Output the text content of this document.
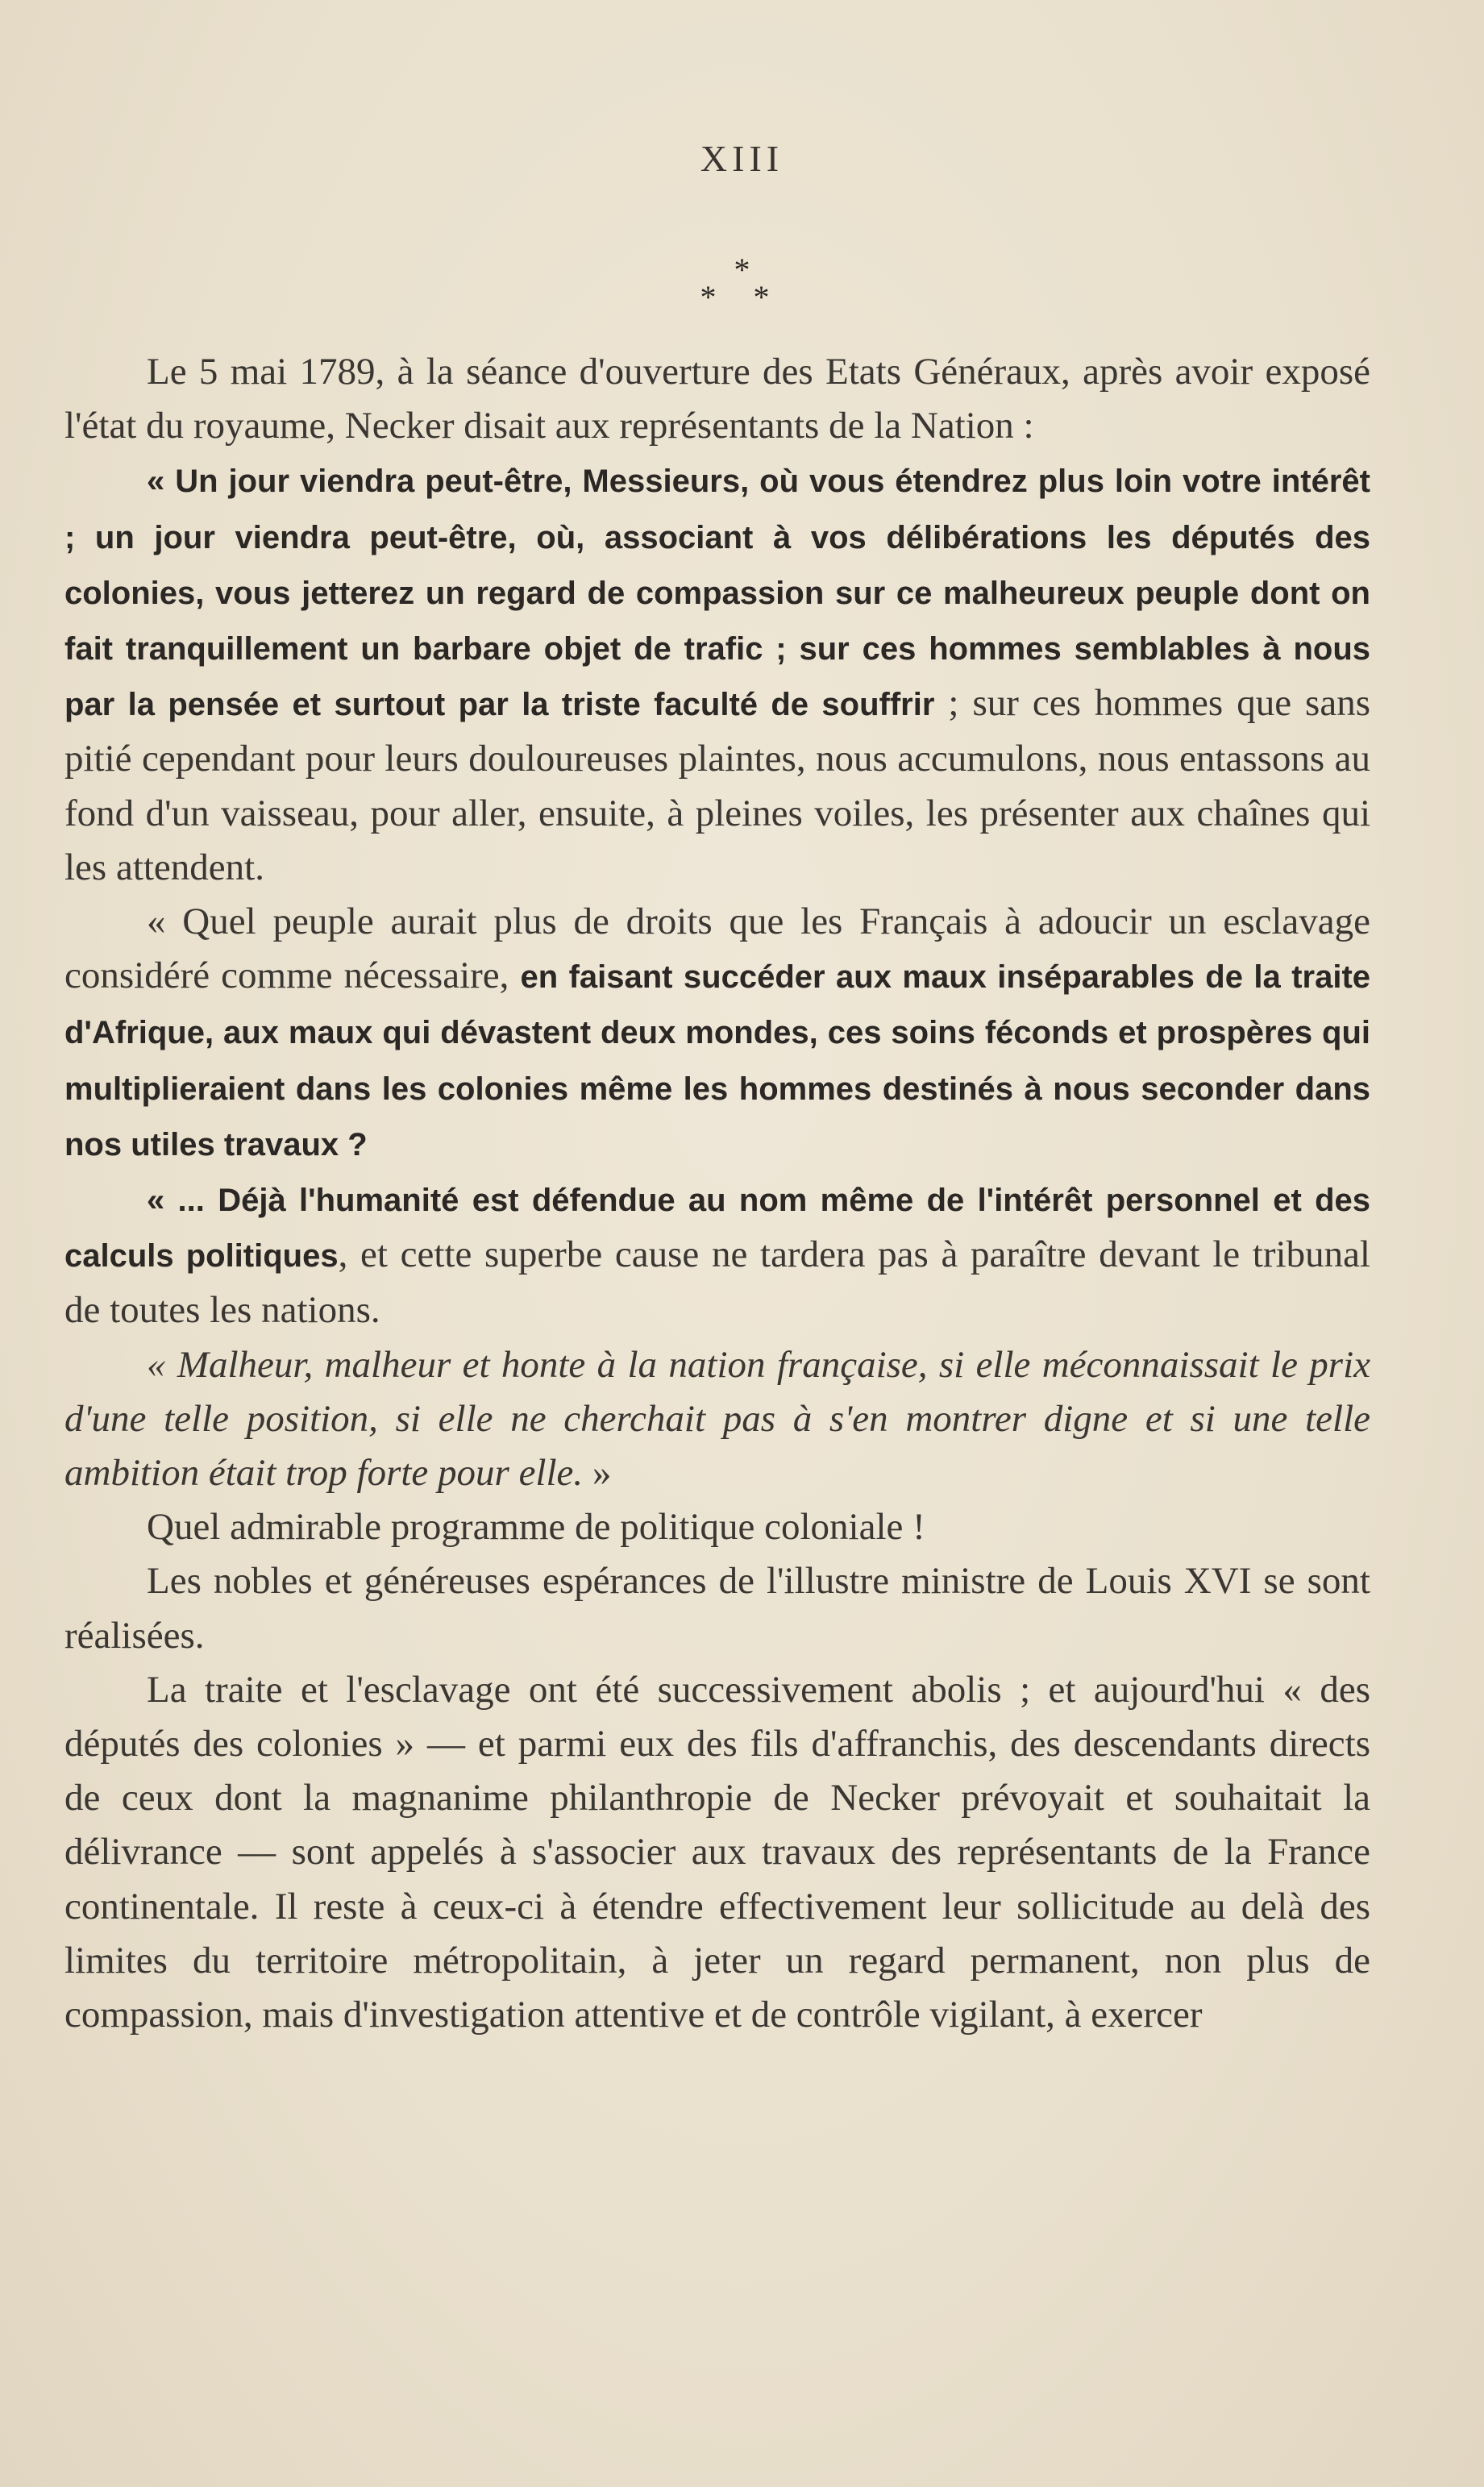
XIII
*
* *

Le 5 mai 1789, à la séance d'ouverture des Etats Généraux, après avoir exposé l'état du royaume, Necker disait aux représentants de la Nation :

« Un jour viendra peut-être, Messieurs, où vous étendrez plus loin votre intérêt ; un jour viendra peut-être, où, associant à vos délibérations les députés des colonies, vous jetterez un regard de compassion sur ce malheureux peuple dont on fait tranquillement un barbare objet de trafic ; sur ces hommes semblables à nous par la pensée et surtout par la triste faculté de souffrir ; sur ces hommes que sans pitié cependant pour leurs douloureuses plaintes, nous accumulons, nous entassons au fond d'un vaisseau, pour aller, ensuite, à pleines voiles, les présenter aux chaînes qui les attendent.

« Quel peuple aurait plus de droits que les Français à adoucir un esclavage considéré comme nécessaire, en faisant succéder aux maux inséparables de la traite d'Afrique, aux maux qui dévastent deux mondes, ces soins féconds et prospères qui multiplieraient dans les colonies même les hommes destinés à nous seconder dans nos utiles travaux ?

« ... Déjà l'humanité est défendue au nom même de l'intérêt personnel et des calculs politiques, et cette superbe cause ne tardera pas à paraître devant le tribunal de toutes les nations.

« Malheur, malheur et honte à la nation française, si elle méconnaissait le prix d'une telle position, si elle ne cherchait pas à s'en montrer digne et si une telle ambition était trop forte pour elle. »

Quel admirable programme de politique coloniale !

Les nobles et généreuses espérances de l'illustre ministre de Louis XVI se sont réalisées.

La traite et l'esclavage ont été successivement abolis ; et aujourd'hui « des députés des colonies » — et parmi eux des fils d'affranchis, des descendants directs de ceux dont la magnanime philanthropie de Necker prévoyait et souhaitait la délivrance — sont appelés à s'associer aux travaux des représentants de la France continentale. Il reste à ceux-ci à étendre effectivement leur sollicitude au delà des limites du territoire métropolitain, à jeter un regard permanent, non plus de compassion, mais d'investigation attentive et de contrôle vigilant, à exercer
